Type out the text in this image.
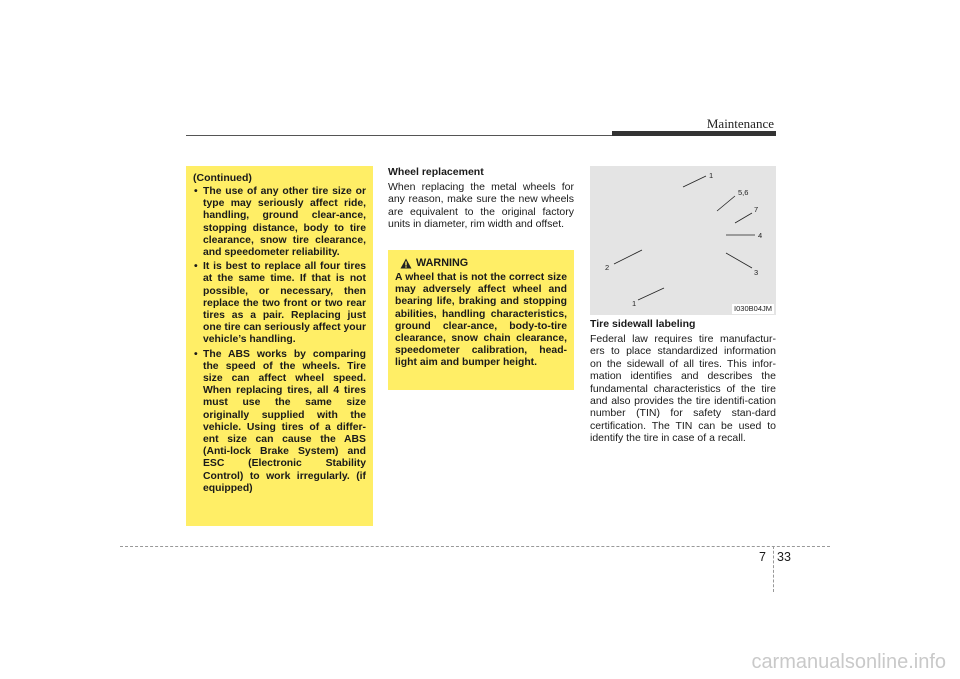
Maintenance
(Continued)
• The use of any other tire size or type may seriously affect ride, handling, ground clear-ance, stopping distance, body to tire clearance, snow tire clearance, and speedometer reliability.
• It is best to replace all four tires at the same time. If that is not possible, or necessary, then replace the two front or two rear tires as a pair. Replacing just one tire can seriously affect your vehicle’s handling.
• The ABS works by comparing the speed of the wheels. Tire size can affect wheel speed. When replacing tires, all 4 tires must use the same size originally supplied with the vehicle. Using tires of a differ-ent size can cause the ABS (Anti-lock Brake System) and ESC (Electronic Stability Control) to work irregularly. (if equipped)
Wheel replacement

When replacing the metal wheels for any reason, make sure the new wheels are equivalent to the original factory units in diameter, rim width and offset.

WARNING

A wheel that is not the correct size may adversely affect wheel and bearing life, braking and stopping abilities, handling characteristics, ground clear-ance, body-to-tire clearance, snow chain clearance, speedometer calibration, head-light aim and bumper height.

1
5,6
7
4
3
2
1
I030B04JM
Tire sidewall labeling

Federal law requires tire manufactur-ers to place standardized information on the sidewall of all tires. This infor-mation identifies and describes the fundamental characteristics of the tire and also provides the tire identifi-cation number (TIN) for safety stan-dard certification. The TIN can be used to identify the tire in case of a recall.

7 33
carmanualsonline.info
